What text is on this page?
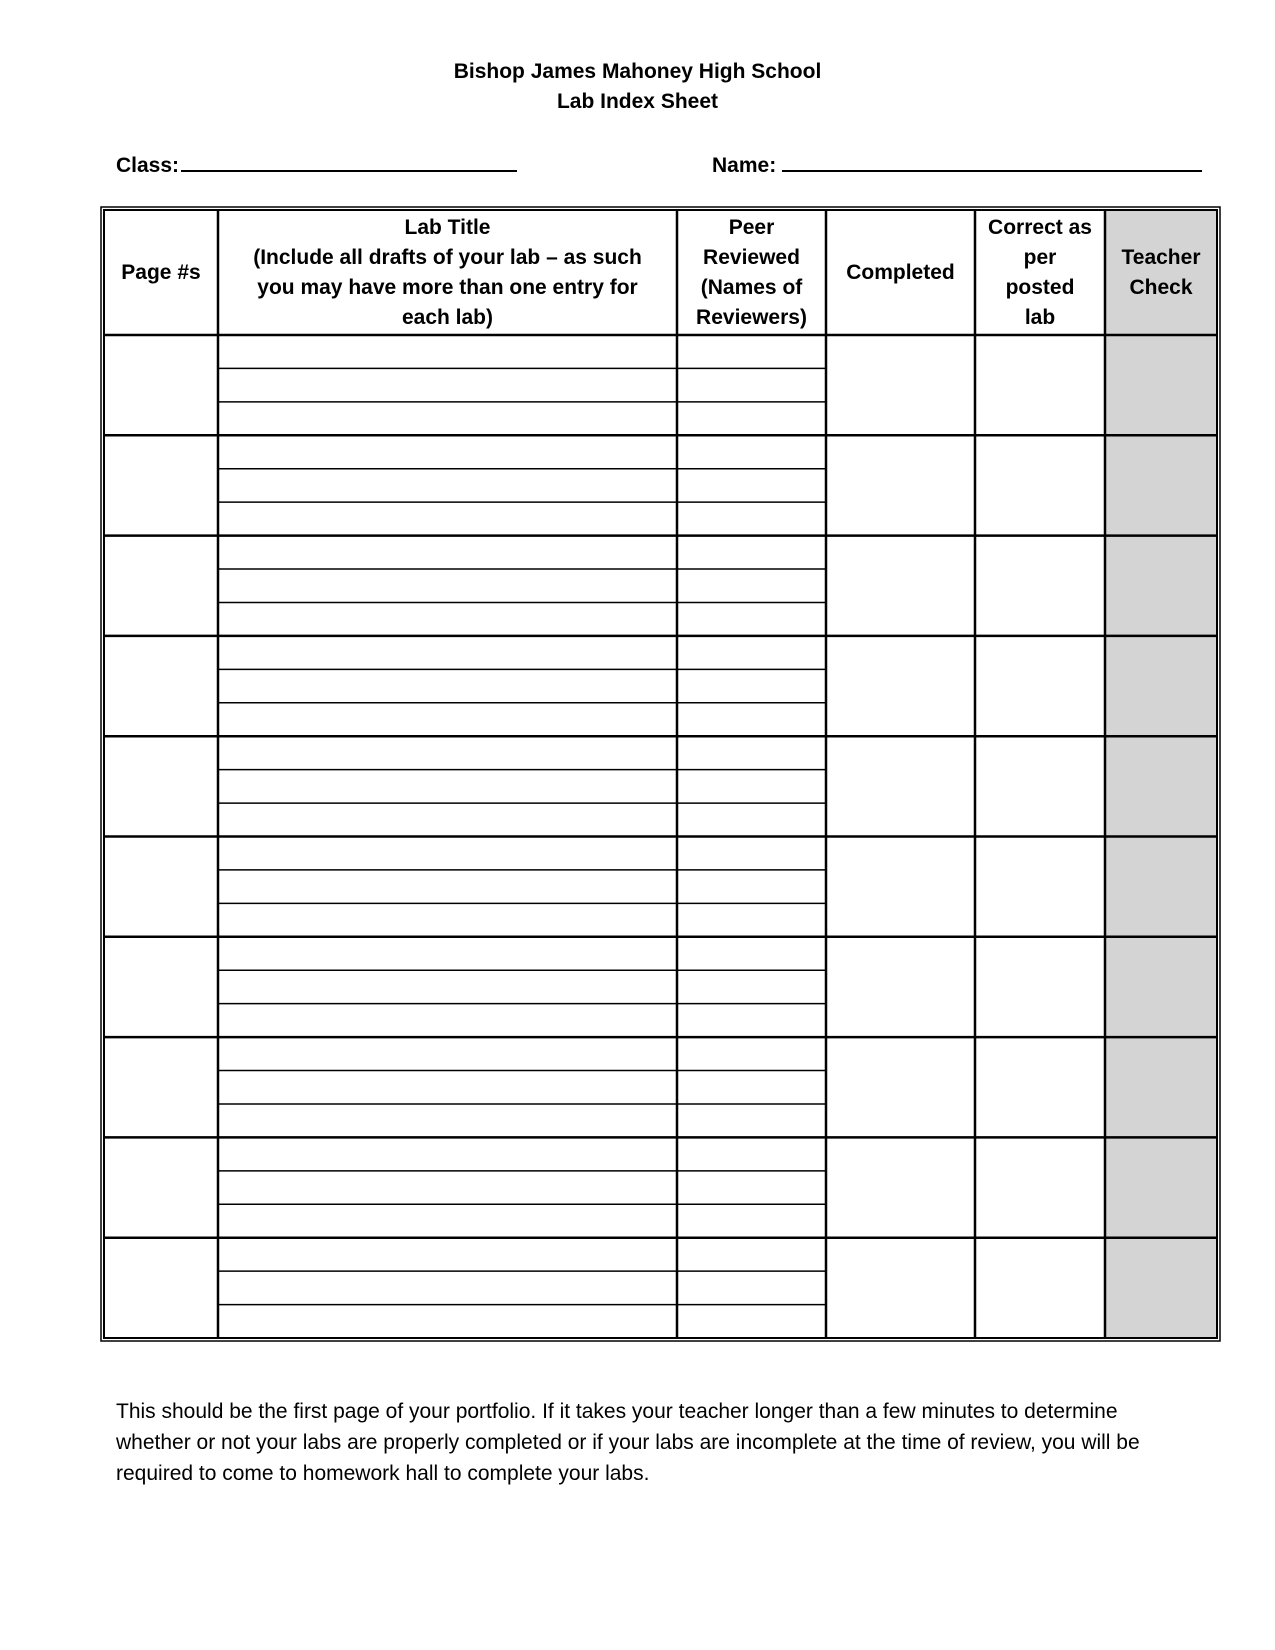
Bishop James Mahoney High School
Lab Index Sheet
Class:	Name:
Page #s
Lab Title
(Include all drafts of your lab – as such
you may have more than one entry for
each lab)
Peer
Reviewed
(Names of
Reviewers)
Completed
Correct as
per
posted
lab
Teacher
Check
This should be the first page of your portfolio. If it takes your teacher longer than a few minutes to determine whether or not your labs are properly completed or if your labs are incomplete at the time of review, you will be required to come to homework hall to complete your labs.
